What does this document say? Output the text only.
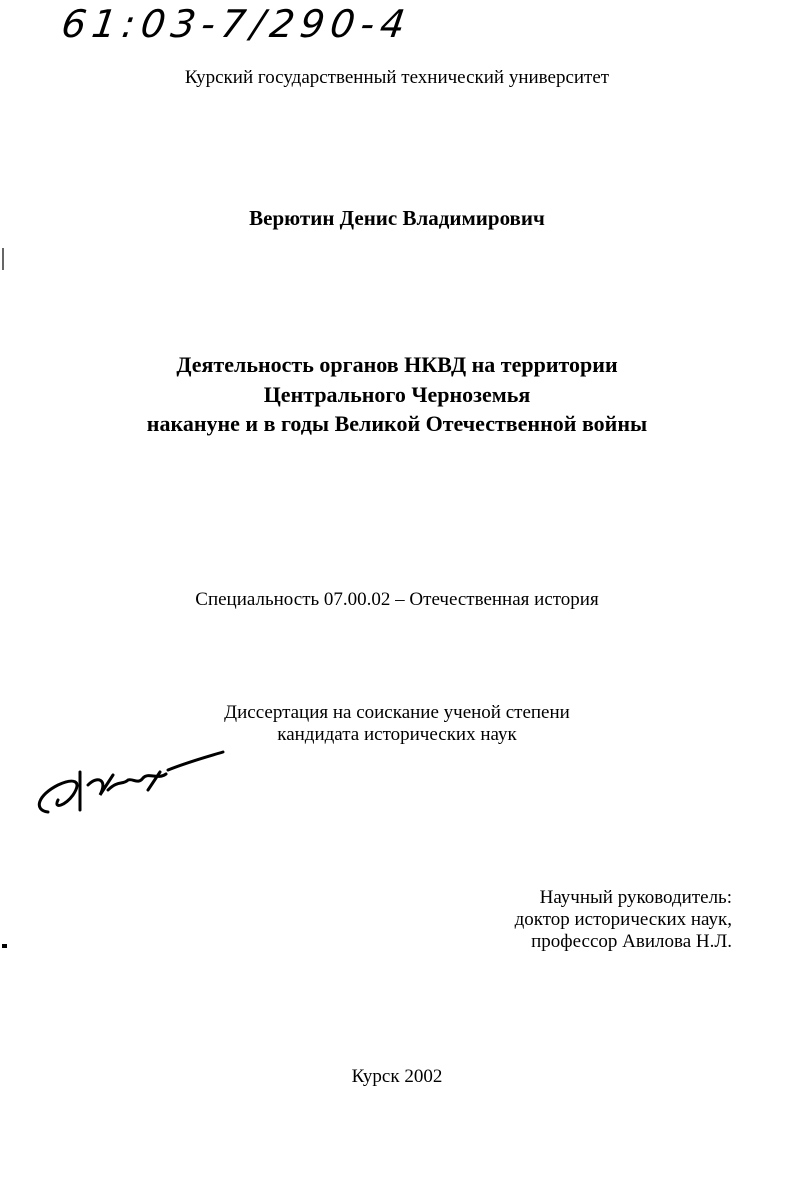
61:03-7/290-4
Курский государственный технический университет
Верютин Денис Владимирович
Деятельность органов НКВД на территории
Центрального Черноземья
накануне и в годы Великой Отечественной войны
Специальность 07.00.02 – Отечественная история
Диссертация на соискание ученой степени
кандидата исторических наук
Научный руководитель:
доктор исторических наук,
профессор Авилова Н.Л.
Курск 2002
